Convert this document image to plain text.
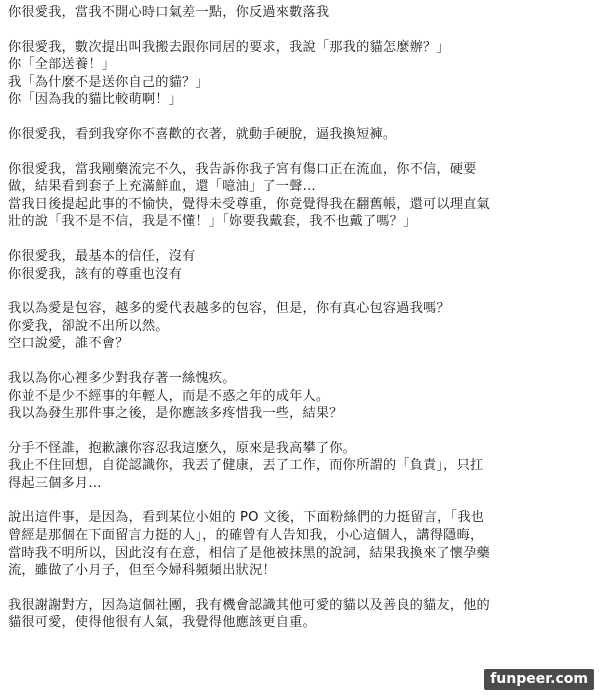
你很愛我，當我不開心時口氣差一點，你反過來數落我
你很愛我，數次提出叫我搬去跟你同居的要求，我說「那我的貓怎麼辦？」
你「全部送養！」
我「為什麼不是送你自己的貓？」
你「因為我的貓比較萌啊！」
你很愛我，看到我穿你不喜歡的衣著，就動手硬脫，逼我換短褲。
你很愛我，當我剛藥流完不久，我告訴你我子宮有傷口正在流血，你不信，硬要
做，結果看到套子上充滿鮮血，還「噫油」了一聲…
當我日後提起此事的不愉快，覺得未受尊重，你竟覺得我在翻舊帳，還可以理直氣
壯的說「我不是不信，我是不懂！」「妳要我戴套，我不也戴了嗎？」
你很愛我，最基本的信任，沒有
你很愛我，該有的尊重也沒有
我以為愛是包容，越多的愛代表越多的包容，但是，你有真心包容過我嗎？
你愛我，卻說不出所以然。
空口說愛，誰不會？
我以為你心裡多少對我存著一絲愧疚。
你並不是少不經事的年輕人，而是不惑之年的成年人。
我以為發生那件事之後，是你應該多疼惜我一些，結果？
分手不怪誰，抱歉讓你容忍我這麼久，原來是我高攀了你。
我止不住回想，自從認識你，我丟了健康，丟了工作，而你所謂的「負責」，只扛
得起三個多月…
說出這件事，是因為，看到某位小姐的 PO 文後，下面粉絲們的力挺留言，「我也
曾經是那個在下面留言力挺的人」，的確曾有人告知我，小心這個人，講得隱晦，
當時我不明所以，因此沒有在意，相信了是他被抹黑的說詞，結果我換來了懷孕藥
流，雖做了小月子，但至今婦科頻頻出狀況！
我很謝謝對方，因為這個社團，我有機會認識其他可愛的貓以及善良的貓友，他的
貓很可愛，使得他很有人氣，我覺得他應該更自重。
funpeer.com
